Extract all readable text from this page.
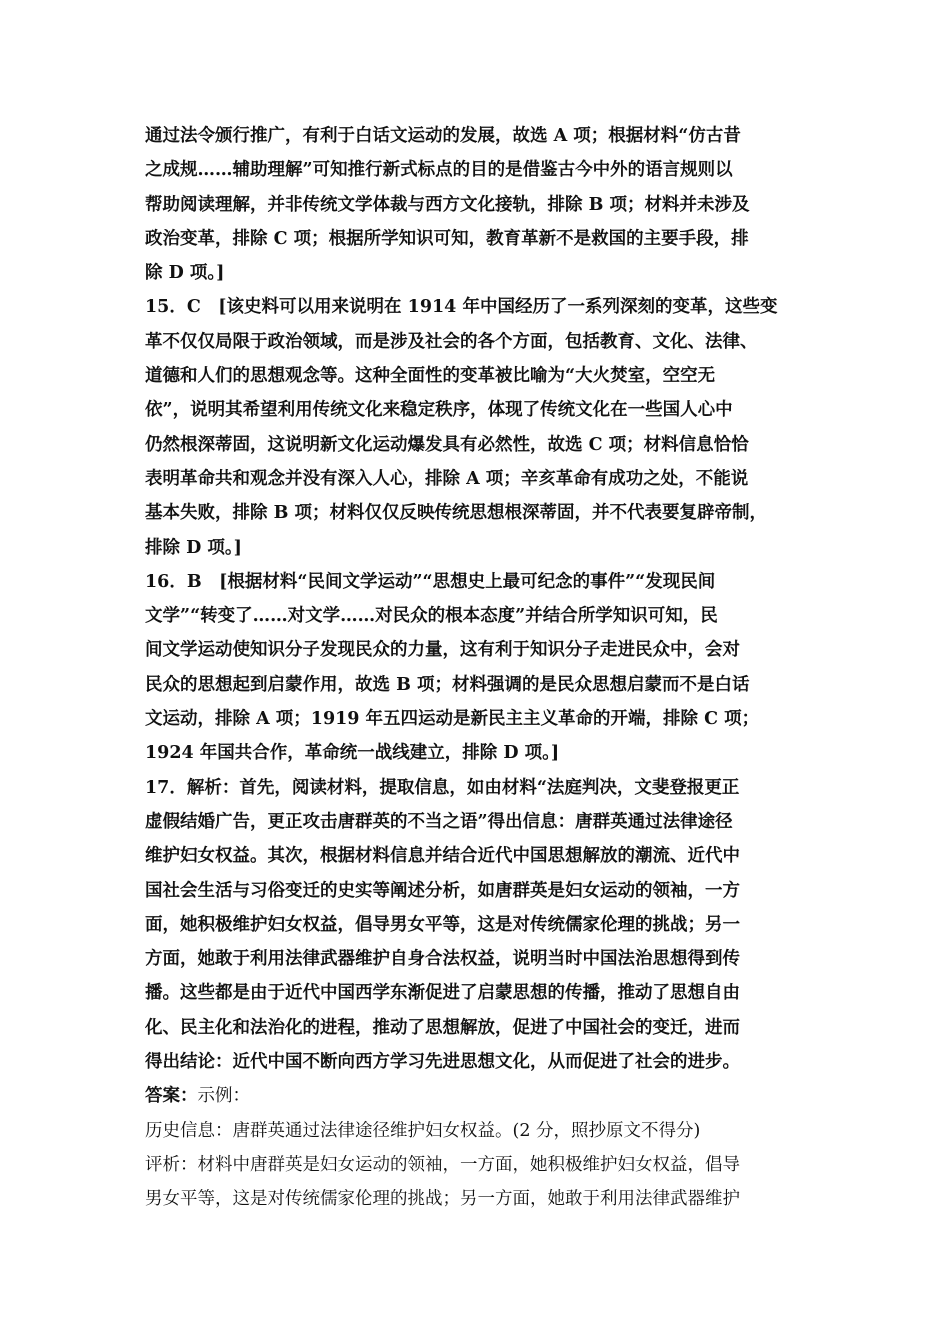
通过法令颁行推广，有利于白话文运动的发展，故选 A 项；根据材料“仿古昔
之成规……辅助理解”可知推行新式标点的目的是借鉴古今中外的语言规则以
帮助阅读理解，并非传统文学体裁与西方文化接轨，排除 B 项；材料并未涉及
政治变革，排除 C 项；根据所学知识可知，教育革新不是救国的主要手段，排
除 D 项。]
15．C　[该史料可以用来说明在 1914 年中国经历了一系列深刻的变革，这些变
革不仅仅局限于政治领域，而是涉及社会的各个方面，包括教育、文化、法律、
道德和人们的思想观念等。这种全面性的变革被比喻为“大火焚室，空空无
依”，说明其希望利用传统文化来稳定秩序，体现了传统文化在一些国人心中
仍然根深蒂固，这说明新文化运动爆发具有必然性，故选 C 项；材料信息恰恰
表明革命共和观念并没有深入人心，排除 A 项；辛亥革命有成功之处，不能说
基本失败，排除 B 项；材料仅仅反映传统思想根深蒂固，并不代表要复辟帝制，
排除 D 项。]
16．B　[根据材料“民间文学运动”“思想史上最可纪念的事件”“发现民间
文学”“转变了……对文学……对民众的根本态度”并结合所学知识可知，民
间文学运动使知识分子发现民众的力量，这有利于知识分子走进民众中，会对
民众的思想起到启蒙作用，故选 B 项；材料强调的是民众思想启蒙而不是白话
文运动，排除 A 项；1919 年五四运动是新民主主义革命的开端，排除 C 项；
1924 年国共合作，革命统一战线建立，排除 D 项。]
17．解析：首先，阅读材料，提取信息，如由材料“法庭判决，文斐登报更正
虚假结婚广告，更正攻击唐群英的不当之语”得出信息：唐群英通过法律途径
维护妇女权益。其次，根据材料信息并结合近代中国思想解放的潮流、近代中
国社会生活与习俗变迁的史实等阐述分析，如唐群英是妇女运动的领袖，一方
面，她积极维护妇女权益，倡导男女平等，这是对传统儒家伦理的挑战；另一
方面，她敢于利用法律武器维护自身合法权益，说明当时中国法治思想得到传
播。这些都是由于近代中国西学东渐促进了启蒙思想的传播，推动了思想自由
化、民主化和法治化的进程，推动了思想解放，促进了中国社会的变迁，进而
得出结论：近代中国不断向西方学习先进思想文化，从而促进了社会的进步。
答案：示例：
历史信息：唐群英通过法律途径维护妇女权益。(2 分，照抄原文不得分)
评析：材料中唐群英是妇女运动的领袖，一方面，她积极维护妇女权益，倡导
男女平等，这是对传统儒家伦理的挑战；另一方面，她敢于利用法律武器维护
